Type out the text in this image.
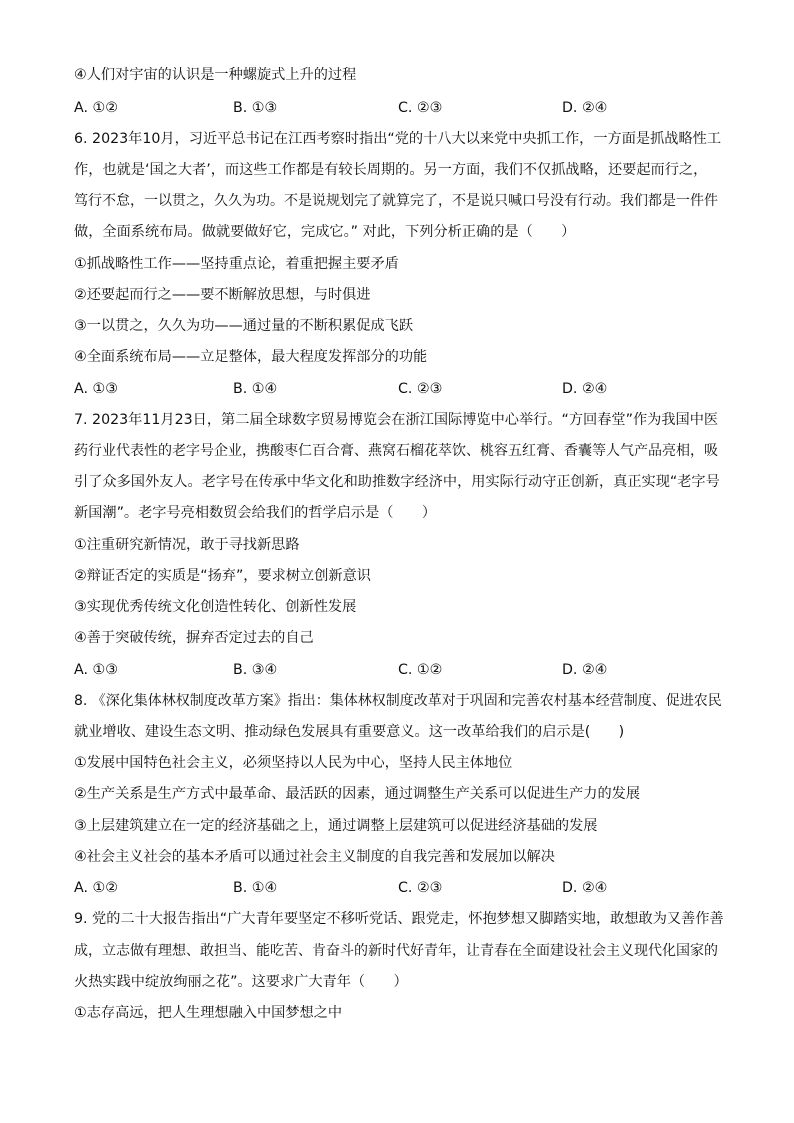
④人们对宇宙的认识是一种螺旋式上升的过程
A. ①②	B. ①③	C. ②③	D. ②④
6. 2023年10月，习近平总书记在江西考察时指出“党的十八大以来党中央抓工作，一方面是抓战略性工
作，也就是‘国之大者’，而这些工作都是有较长周期的。另一方面，我们不仅抓战略，还要起而行之，
笃行不怠，一以贯之，久久为功。不是说规划完了就算完了，不是说只喊口号没有行动。我们都是一件件
做，全面系统布局。做就要做好它，完成它。” 对此，下列分析正确的是（　　）
①抓战略性工作——坚持重点论，着重把握主要矛盾
②还要起而行之——要不断解放思想，与时俱进
③一以贯之，久久为功——通过量的不断积累促成飞跃
④全面系统布局——立足整体，最大程度发挥部分的功能
A. ①③	B. ①④	C. ②③	D. ②④
7. 2023年11月23日，第二届全球数字贸易博览会在浙江国际博览中心举行。“方回春堂”作为我国中医
药行业代表性的老字号企业，携酸枣仁百合膏、燕窝石榴花萃饮、桃容五红膏、香囊等人气产品亮相，吸
引了众多国外友人。老字号在传承中华文化和助推数字经济中，用实际行动守正创新，真正实现“老字号
新国潮”。老字号亮相数贸会给我们的哲学启示是（　　）
①注重研究新情况，敢于寻找新思路
②辩证否定的实质是“扬弃”，要求树立创新意识
③实现优秀传统文化创造性转化、创新性发展
④善于突破传统，摒弃否定过去的自己
A. ①③	B. ③④	C. ①②	D. ②④
8. 《深化集体林权制度改革方案》指出：集体林权制度改革对于巩固和完善农村基本经营制度、促进农民
就业增收、建设生态文明、推动绿色发展具有重要意义。这一改革给我们的启示是(　　)
①发展中国特色社会主义，必须坚持以人民为中心，坚持人民主体地位
②生产关系是生产方式中最革命、最活跃的因素，通过调整生产关系可以促进生产力的发展
③上层建筑建立在一定的经济基础之上，通过调整上层建筑可以促进经济基础的发展
④社会主义社会的基本矛盾可以通过社会主义制度的自我完善和发展加以解决
A. ①②	B. ①④	C. ②③	D. ②④
9. 党的二十大报告指出“广大青年要坚定不移听党话、跟党走，怀抱梦想又脚踏实地，敢想敢为又善作善
成，立志做有理想、敢担当、能吃苦、肯奋斗的新时代好青年，让青春在全面建设社会主义现代化国家的
火热实践中绽放绚丽之花”。这要求广大青年（　　）
①志存高远，把人生理想融入中国梦想之中
